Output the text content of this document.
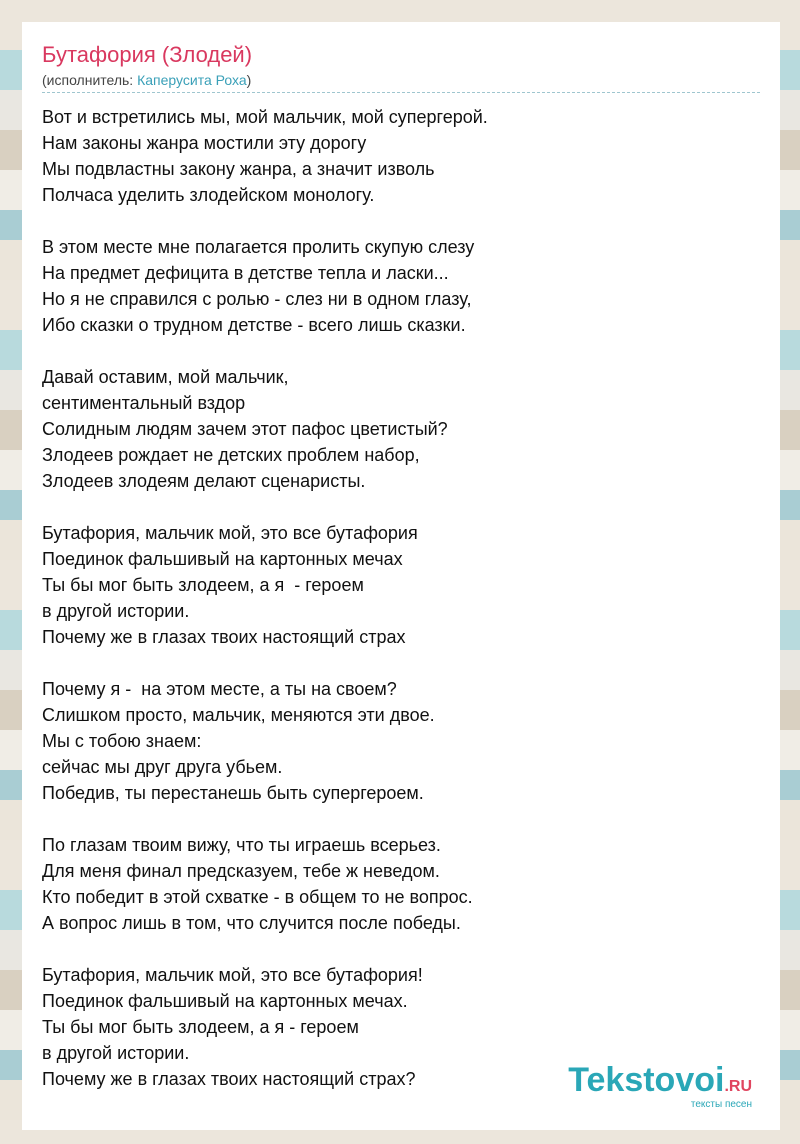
Бутафория (Злодей)
(исполнитель: Каперусита Роха)
Вот и встретились мы, мой мальчик, мой супергерой.
Нам законы жанра мостили эту дорогу
Мы подвластны закону жанра, а значит изволь
Полчаса уделить злодейском монологу.
В этом месте мне полагается пролить скупую слезу
На предмет дефицита в детстве тепла и ласки...
Но я не справился с ролью - слез ни в одном глазу,
Ибо сказки о трудном детстве - всего лишь сказки.
Давай оставим, мой мальчик,
сентиментальный вздор
Солидным людям зачем этот пафос цветистый?
Злодеев рождает не детских проблем набор,
Злодеев злодеям делают сценаристы.
Бутафория, мальчик мой, это все бутафория
Поединок фальшивый на картонных мечах
Ты бы мог быть злодеем, а я  - героем
в другой истории.
Почему же в глазах твоих настоящий страх
Почему я -  на этом месте, а ты на своем?
Слишком просто, мальчик, меняются эти двое.
Мы с тобою знаем:
сейчас мы друг друга убьем.
Победив, ты перестанешь быть супергероем.
По глазам твоим вижу, что ты играешь всерьез.
Для меня финал предсказуем, тебе ж неведом.
Кто победит в этой схватке - в общем то не вопрос.
А вопрос лишь в том, что случится после победы.
Бутафория, мальчик мой, это все бутафория!
Поединок фальшивый на картонных мечах.
Ты бы мог быть злодеем, а я - героем
в другой истории.
Почему же в глазах твоих настоящий страх?	Tekstovoi.RU
тексты песен
